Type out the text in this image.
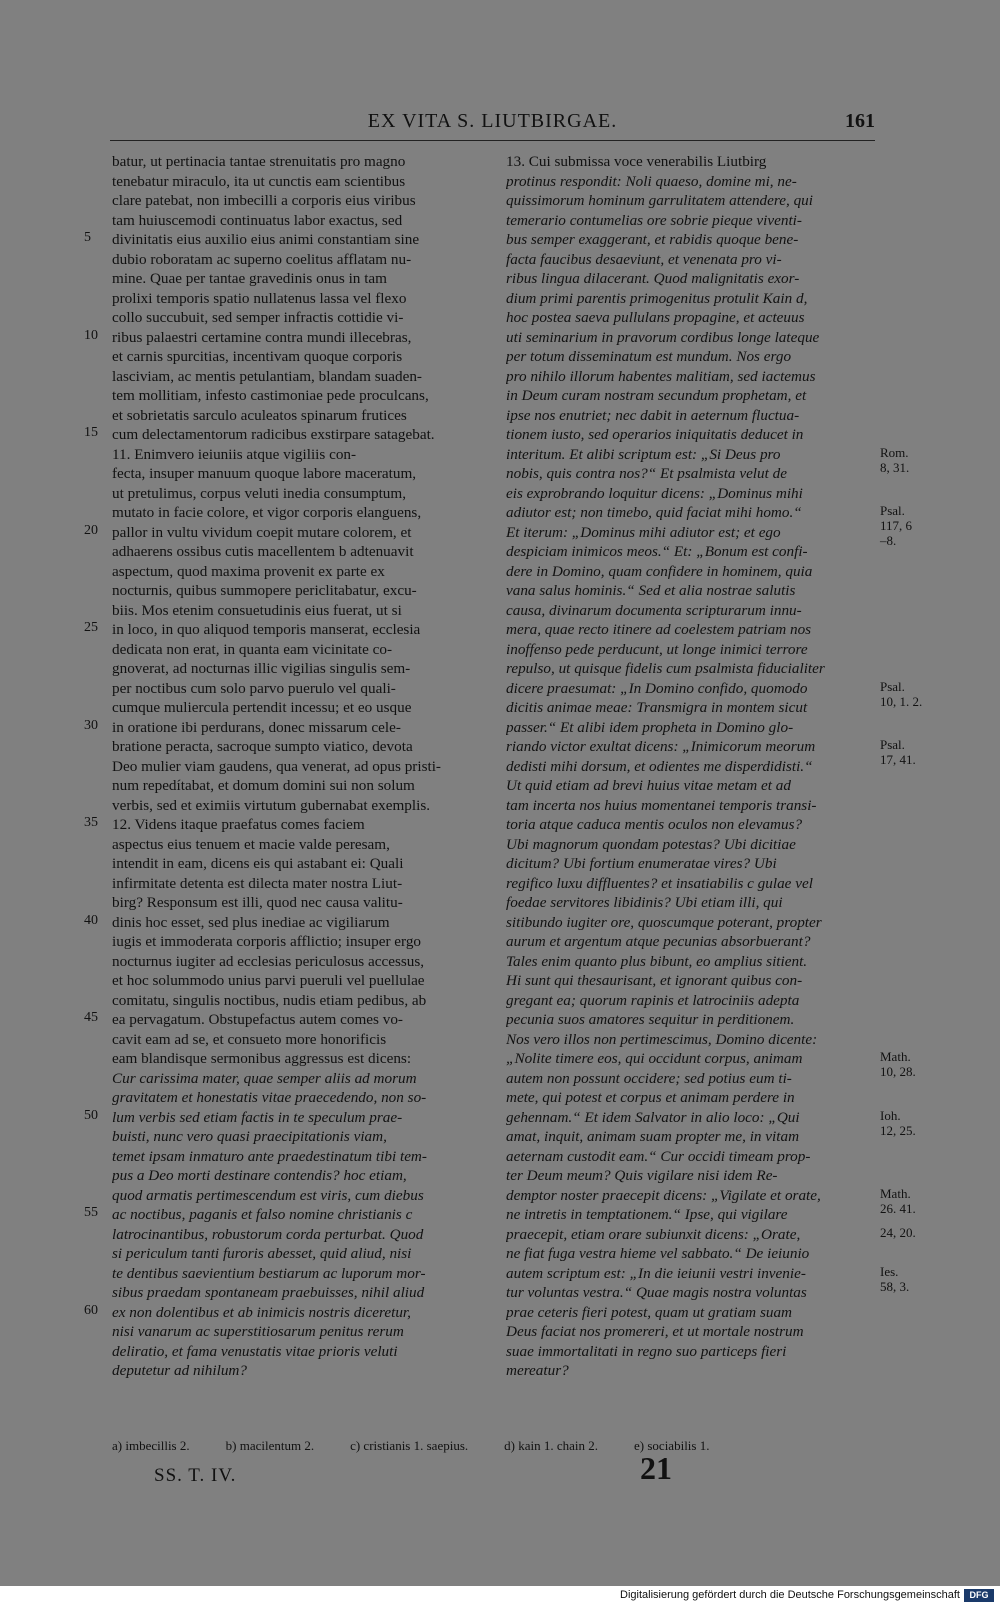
EX VITA S. LIUTBIRGAE.	161
5
10
15
20
25
30
35
40
45
50
55
60
batur, ut pertinacia tantae strenuitatis pro magno
tenebatur miraculo, ita ut cunctis eam scientibus
clare patebat, non imbecilli a corporis eius viribus
tam huiuscemodi continuatus labor exactus, sed
divinitatis eius auxilio eius animi constantiam sine
dubio roboratam ac superno coelitus afflatam nu-
mine. Quae per tantae gravedinis onus in tam
prolixi temporis spatio nullatenus lassa vel flexo
collo succubuit, sed semper infractis cottidie vi-
ribus palaestri certamine contra mundi illecebras,
et carnis spurcitias, incentivam quoque corporis
lasciviam, ac mentis petulantiam, blandam suaden-
tem mollitiam, infesto castimoniae pede proculcans,
et sobrietatis sarculo aculeatos spinarum frutices
cum delectamentorum radicibus exstirpare satagebat.
11. Enimvero ieiuniis atque vigiliis con-
fecta, insuper manuum quoque labore maceratum,
ut pretulimus, corpus veluti inedia consumptum,
mutato in facie colore, et vigor corporis elanguens,
pallor in vultu vividum coepit mutare colorem, et
adhaerens ossibus cutis macellentem b adtenuavit
aspectum, quod maxima provenit ex parte ex
nocturnis, quibus summopere periclitabatur, excu-
biis. Mos etenim consuetudinis eius fuerat, ut si
in loco, in quo aliquod temporis manserat, ecclesia
dedicata non erat, in quanta eam vicinitate co-
gnoverat, ad nocturnas illic vigilias singulis sem-
per noctibus cum solo parvo puerulo vel quali-
cumque muliercula pertendit incessu; et eo usque
in oratione ibi perdurans, donec missarum cele-
bratione peracta, sacroque sumpto viatico, devota
Deo mulier viam gaudens, qua venerat, ad opus pristi-
num repedítabat, et domum domini sui non solum
verbis, sed et eximiis virtutum gubernabat exemplis.
12. Videns itaque praefatus comes faciem
aspectus eius tenuem et macie valde peresam,
intendit in eam, dicens eis qui astabant ei: Quali
infirmitate detenta est dilecta mater nostra Liut-
birg? Responsum est illi, quod nec causa valitu-
dinis hoc esset, sed plus inediae ac vigiliarum
iugis et immoderata corporis afflictio; insuper ergo
nocturnus iugiter ad ecclesias periculosus accessus,
et hoc solummodo unius parvi pueruli vel puellulae
comitatu, singulis noctibus, nudis etiam pedibus, ab
ea pervagatum. Obstupefactus autem comes vo-
cavit eam ad se, et consueto more honorificis
eam blandisque sermonibus aggressus est dicens:
Cur carissima mater, quae semper aliis ad morum
gravitatem et honestatis vitae praecedendo, non so-
lum verbis sed etiam factis in te speculum prae-
buisti, nunc vero quasi praecipitationis viam,
temet ipsam inmaturo ante praedestinatum tibi tem-
pus a Deo morti destinare contendis? hoc etiam,
quod armatis pertimescendum est viris, cum diebus
ac noctibus, paganis et falso nomine christianis c
latrocinantibus, robustorum corda perturbat. Quod
si periculum tanti furoris abesset, quid aliud, nisi
te dentibus saevientium bestiarum ac luporum mor-
sibus praedam spontaneam praebuisses, nihil aliud
ex non dolentibus et ab inimicis nostris diceretur,
nisi vanarum ac superstitiosarum penitus rerum
deliratio, et fama venustatis vitae prioris veluti
deputetur ad nihilum?
13. Cui submissa voce venerabilis Liutbirg
protinus respondit: Noli quaeso, domine mi, ne-
quissimorum hominum garrulitatem attendere, qui
temerario contumelias ore sobrie pieque viventi-
bus semper exaggerant, et rabidis quoque bene-
facta faucibus desaeviunt, et venenata pro vi-
ribus lingua dilacerant. Quod malignitatis exor-
dium primi parentis primogenitus protulit Kain d,
hoc postea saeva pullulans propagine, et acteuus
uti seminarium in pravorum cordibus longe lateque
per totum disseminatum est mundum. Nos ergo
pro nihilo illorum habentes malitiam, sed iactemus
in Deum curam nostram secundum prophetam, et
ipse nos enutriet; nec dabit in aeternum fluctua-
tionem iusto, sed operarios iniquitatis deducet in
interitum. Et alibi scriptum est: „Si Deus pro
nobis, quis contra nos?“ Et psalmista velut de
eis exprobrando loquitur dicens: „Dominus mihi
adiutor est; non timebo, quid faciat mihi homo.“
Et iterum: „Dominus mihi adiutor est; et ego
despiciam inimicos meos.“ Et: „Bonum est confi-
dere in Domino, quam confidere in hominem, quia
vana salus hominis.“ Sed et alia nostrae salutis
causa, divinarum documenta scripturarum innu-
mera, quae recto itinere ad coelestem patriam nos
inoffenso pede perducunt, ut longe inimici terrore
repulso, ut quisque fidelis cum psalmista fiducialiter
dicere praesumat: „In Domino confido, quomodo
dicitis animae meae: Transmigra in montem sicut
passer.“ Et alibi idem propheta in Domino glo-
riando victor exultat dicens: „Inimicorum meorum
dedisti mihi dorsum, et odientes me disperdidisti.“
Ut quid etiam ad brevi huius vitae metam et ad
tam incerta nos huius momentanei temporis transi-
toria atque caduca mentis oculos non elevamus?
Ubi magnorum quondam potestas? Ubi dicitiae
dicitum? Ubi fortium enumeratae vires? Ubi
regifico luxu diffluentes? et insatiabilis c gulae vel
foedae servitores libidinis? Ubi etiam illi, qui
sitibundo iugiter ore, quoscumque poterant, propter
aurum et argentum atque pecunias absorbuerant?
Tales enim quanto plus bibunt, eo amplius sitient.
Hi sunt qui thesaurisant, et ignorant quibus con-
gregant ea; quorum rapinis et latrociniis adepta
pecunia suos amatores sequitur in perditionem.
Nos vero illos non pertimescimus, Domino dicente:
„Nolite timere eos, qui occidunt corpus, animam
autem non possunt occidere; sed potius eum ti-
mete, qui potest et corpus et animam perdere in
gehennam.“ Et idem Salvator in alio loco: „Qui
amat, inquit, animam suam propter me, in vitam
aeternam custodit eam.“ Cur occidi timeam prop-
ter Deum meum? Quis vigilare nisi idem Re-
demptor noster praecepit dicens: „Vigilate et orate,
ne intretis in temptationem.“ Ipse, qui vigilare
praecepit, etiam orare subiunxit dicens: „Orate,
ne fiat fuga vestra hieme vel sabbato.“ De ieiunio
autem scriptum est: „In die ieiunii vestri invenie-
tur voluntas vestra.“ Quae magis nostra voluntas
prae ceteris fieri potest, quam ut gratiam suam
Deus faciat nos promereri, et ut mortale nostrum
suae immortalitati in regno suo particeps fieri
mereatur?
Rom.
8, 31.
Psal.
117, 6
–8.
Psal.
10, 1. 2.
Psal.
17, 41.
Math.
10, 28.
Ioh.
12, 25.
Math.
26. 41.
24, 20.
Ies.
58, 3.
a) imbecillis 2.	b) macilentum 2.	c) cristianis 1. saepius.	d) kain 1. chain 2.	e) sociabilis 1.
SS. T. IV.	21
Digitalisierung gefördert durch die Deutsche Forschungsgemeinschaft	DFG
